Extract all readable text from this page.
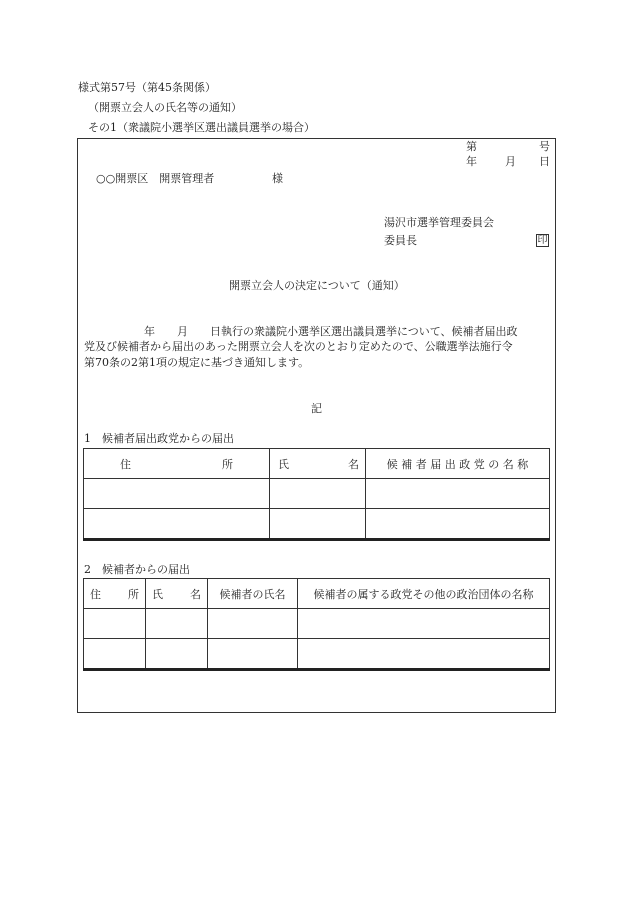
様式第57号（第45条関係）
（開票立会人の氏名等の通知）
その1（衆議院小選挙区選出議員選挙の場合）
第	号
年	月 日
○○開票区　開票管理者	様
湯沢市選挙管理委員会
委員長	印
開票立会人の決定について（通知）
年　　月　　日執行の衆議院小選挙区選出議員選挙について、候補者届出政
党及び候補者から届出のあった開票立会人を次のとおり定めたので、公職選挙法施行令
第70条の2第1項の規定に基づき通知します。
記
1　候補者届出政党からの届出
住 所	氏 名	候 補 者 届 出 政 党 の 名 称

2　候補者からの届出
住 所	氏 名	候補者の氏名	候補者の属する政党その他の政治団体の名称
